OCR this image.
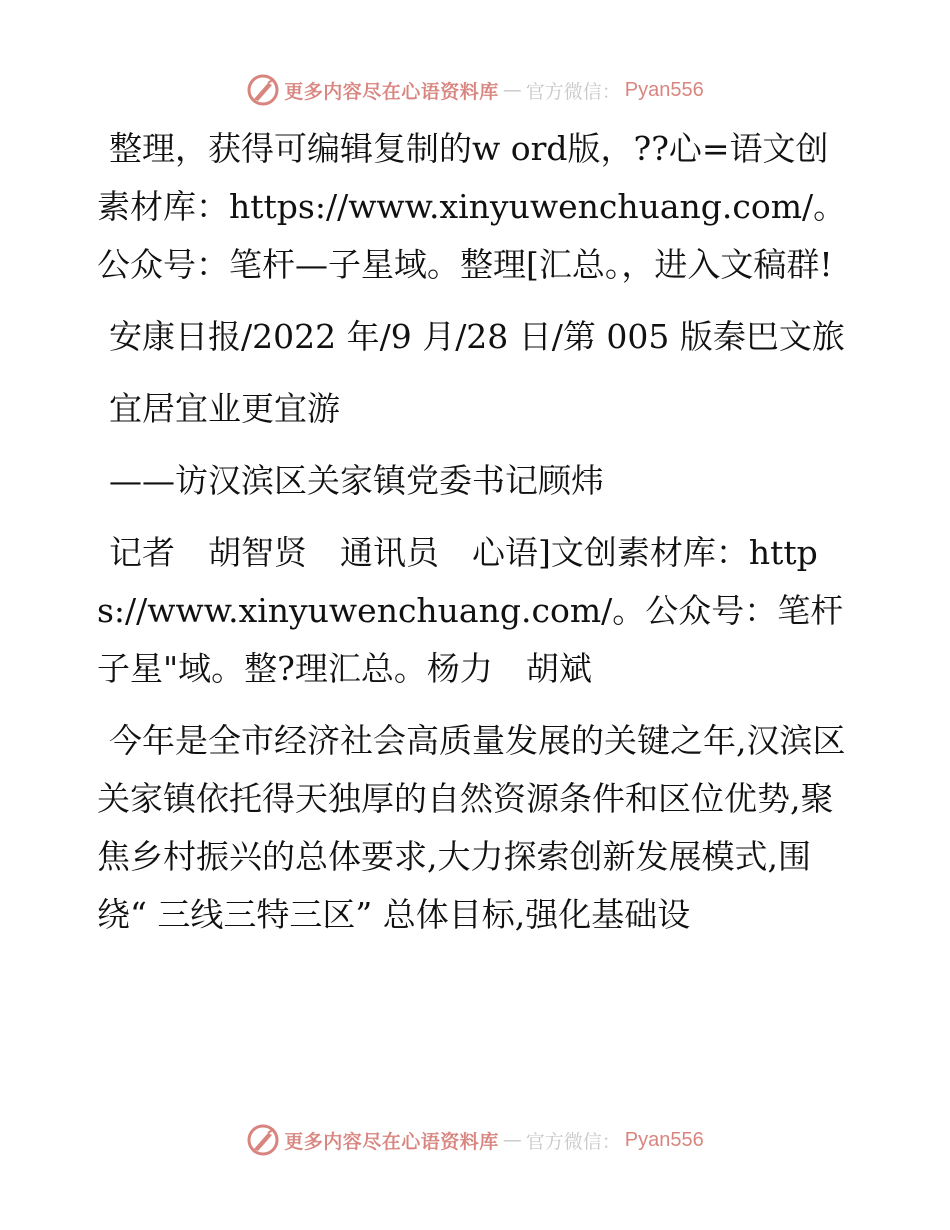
更多内容尽在心语资料库 — 官方微信： Pyan556

整理，获得可编辑复制的w ord版，??心=语文创素材库：https://www.xinyuwenchuang.com/。公众号：笔杆—子星域。整理[汇总。，进入文稿群!

安康日报/2022 年/9 月/28 日/第 005 版秦巴文旅

宜居宜业更宜游

——访汉滨区关家镇党委书记顾炜

记者　胡智贤　通讯员　心语]文创素材库：https://www.xinyuwenchuang.com/。公众号：笔杆子星"域。整?理汇总。杨力　胡斌

今年是全市经济社会高质量发展的关键之年,汉滨区关家镇依托得天独厚的自然资源条件和区位优势,聚焦乡村振兴的总体要求,大力探索创新发展模式,围绕“ 三线三特三区” 总体目标,强化基础设

更多内容尽在心语资料库 — 官方微信： Pyan556
